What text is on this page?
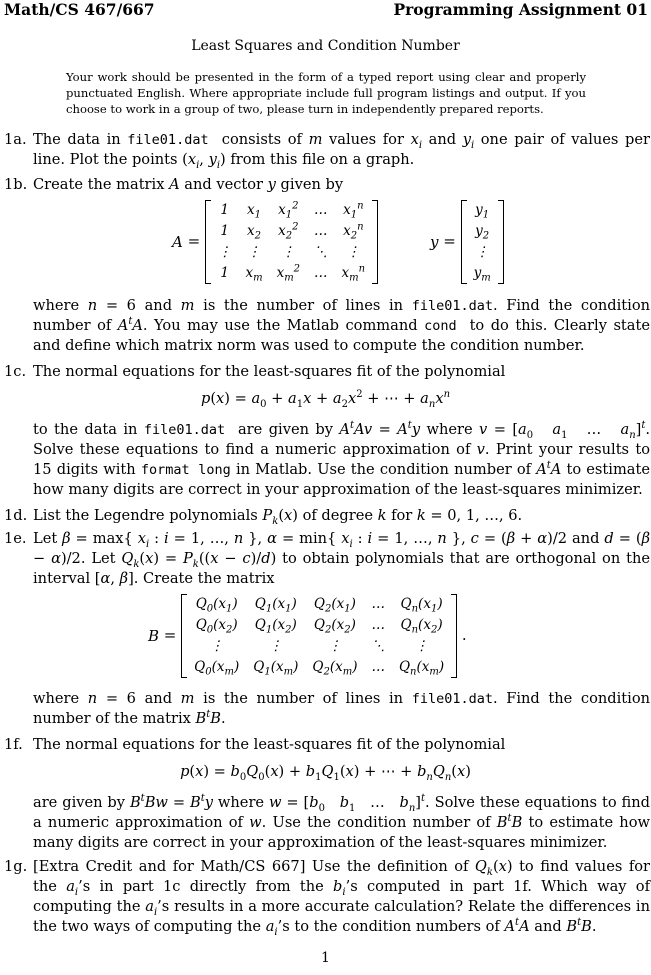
Math/CS 467/667	Programming Assignment 01
Least Squares and Condition Number
Your work should be presented in the form of a typed report using clear and properly punctuated English. Where appropriate include full program listings and output. If you choose to work in a group of two, please turn in independently prepared reports.
1a. The data in file01.dat  consists of m values for $x_i$ and $y_i$ one pair of values per line. Plot the points ($x_i$, $y_i$) from this file on a graph.
1b. Create the matrix A and vector y given by
A =
1	$x_1$	$x_1^2$	…	$x_1^n$
1	$x_2$	$x_2^2$	…	$x_2^n$
⋮	⋮	⋮	⋱	⋮
1	$x_m$	$x_m^2$	…	$x_m^n$
y =
$y_1$
$y_2$
⋮
$y_m$
where n = 6 and m is the number of lines in file01.dat. Find the condition number of $A^tA$. You may use the Matlab command cond  to do this. Clearly state and define which matrix norm was used to compute the condition number.
1c. The normal equations for the least-squares fit of the polynomial
$p(x) = a_0 + a_1x + a_2x^2$ + ⋯ + $a_nx^n$
to the data in file01.dat  are given by $A^tAv = A^ty$ where $v = [a_0$ $a_1$   …   $a_n]^t$. Solve these equations to find a numeric approximation of v. Print your results to 15 digits with format long in Matlab. Use the condition number of $A^tA$ to estimate how many digits are correct in your approximation of the least-squares minimizer.
1d. List the Legendre polynomials $P_k(x)$ of degree k for k = 0, 1, …, 6.
1e. Let β = max{ $x_i$ : i = 1, …, n }, α = min{ $x_i$ : i = 1, …, n }, c = (β + α)/2 and d = (β − α)/2. Let $Q_k(x) = P_k((x - c)/d)$ to obtain polynomials that are orthogonal on the interval [α, β]. Create the matrix
B =
$Q_0(x_1)$	$Q_1(x_1)$	$Q_2(x_1)$	…	$Q_n(x_1)$
$Q_0(x_2)$	$Q_1(x_2)$	$Q_2(x_2)$	…	$Q_n(x_2)$
⋮	⋮	⋮	⋱	⋮
$Q_0(x_m)$	$Q_1(x_m)$	$Q_2(x_m)$	…	$Q_n(x_m)$
.
where n = 6 and m is the number of lines in file01.dat. Find the condition number of the matrix $B^tB$.
1f. The normal equations for the least-squares fit of the polynomial
$p(x) = b_0Q_0(x) + b_1Q_1(x)$ + ⋯ + $b_nQ_n(x)$
are given by $B^tBw = B^ty$ where $w = [b_0$ $b_1$   …   $b_n]^t$. Solve these equations to find a numeric approximation of w. Use the condition number of $B^tB$ to estimate how many digits are correct in your approximation of the least-squares minimizer.
1g. [Extra Credit and for Math/CS 667] Use the definition of $Q_k(x)$ to find values for the $a_i’s$ in part 1c directly from the $b_i’s$ computed in part 1f. Which way of computing the $a_i’s$ results in a more accurate calculation? Relate the differences in the two ways of computing the $a_i’s$ to the condition numbers of $A^tA$ and $B^tB$.
1
